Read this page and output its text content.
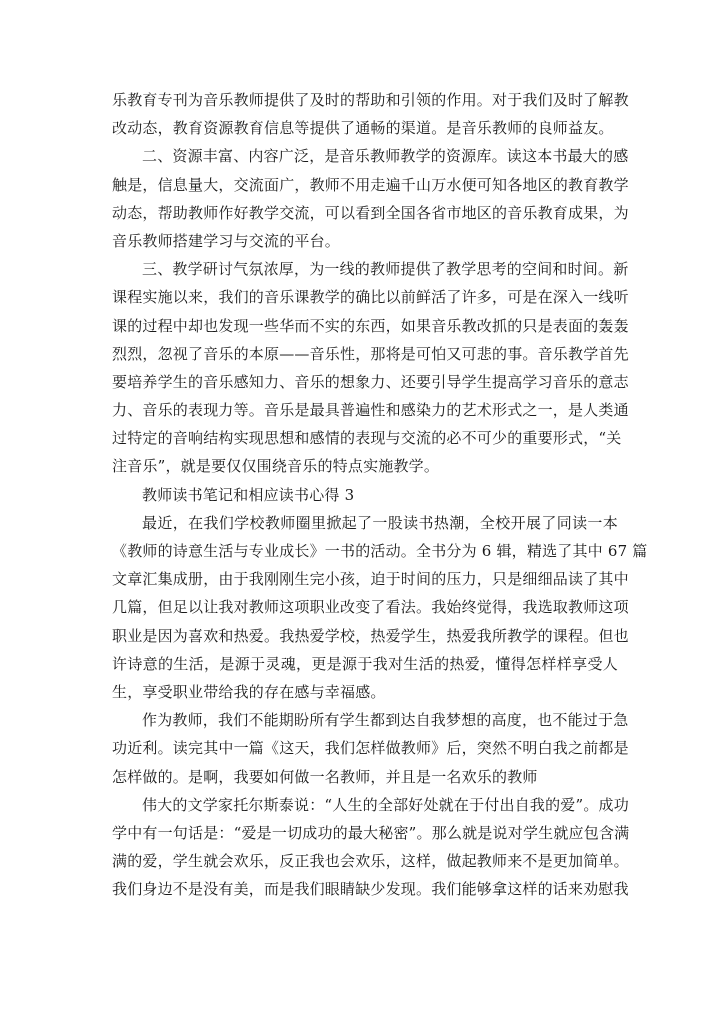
乐教育专刊为音乐教师提供了及时的帮助和引领的作用。对于我们及时了解教
改动态，教育资源教育信息等提供了通畅的渠道。是音乐教师的良师益友。
二、资源丰富、内容广泛，是音乐教师教学的资源库。读这本书最大的感
触是，信息量大，交流面广，教师不用走遍千山万水便可知各地区的教育教学
动态，帮助教师作好教学交流，可以看到全国各省市地区的音乐教育成果，为
音乐教师搭建学习与交流的平台。
三、教学研讨气氛浓厚，为一线的教师提供了教学思考的空间和时间。新
课程实施以来，我们的音乐课教学的确比以前鲜活了许多，可是在深入一线听
课的过程中却也发现一些华而不实的东西，如果音乐教改抓的只是表面的轰轰
烈烈，忽视了音乐的本原——音乐性，那将是可怕又可悲的事。音乐教学首先
要培养学生的音乐感知力、音乐的想象力、还要引导学生提高学习音乐的意志
力、音乐的表现力等。音乐是最具普遍性和感染力的艺术形式之一，是人类通
过特定的音响结构实现思想和感情的表现与交流的必不可少的重要形式，“关
注音乐”，就是要仅仅围绕音乐的特点实施教学。
教师读书笔记和相应读书心得 3
最近，在我们学校教师圈里掀起了一股读书热潮，全校开展了同读一本
《教师的诗意生活与专业成长》一书的活动。全书分为 6 辑，精选了其中 67 篇
文章汇集成册，由于我刚刚生完小孩，迫于时间的压力，只是细细品读了其中
几篇，但足以让我对教师这项职业改变了看法。我始终觉得，我选取教师这项
职业是因为喜欢和热爱。我热爱学校，热爱学生，热爱我所教学的课程。但也
许诗意的生活，是源于灵魂，更是源于我对生活的热爱，懂得怎样样享受人
生，享受职业带给我的存在感与幸福感。
作为教师，我们不能期盼所有学生都到达自我梦想的高度，也不能过于急
功近利。读完其中一篇《这天，我们怎样做教师》后，突然不明白我之前都是
怎样做的。是啊，我要如何做一名教师，并且是一名欢乐的教师
伟大的文学家托尔斯泰说：“人生的全部好处就在于付出自我的爱”。成功
学中有一句话是：“爱是一切成功的最大秘密”。那么就是说对学生就应包含满
满的爱，学生就会欢乐，反正我也会欢乐，这样，做起教师来不是更加简单。
我们身边不是没有美，而是我们眼睛缺少发现。我们能够拿这样的话来劝慰我
